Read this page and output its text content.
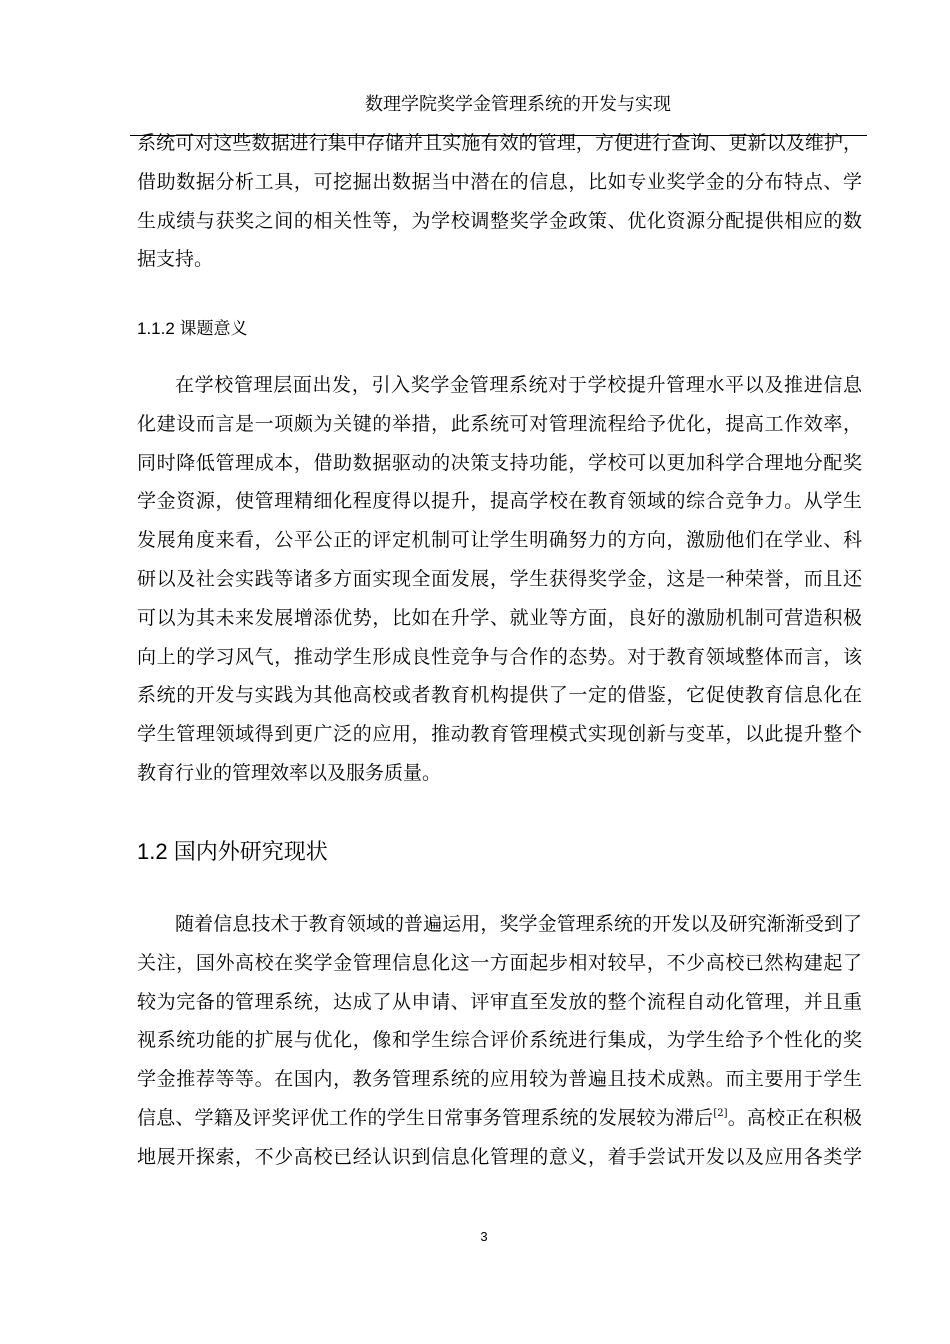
数理学院奖学金管理系统的开发与实现
系统可对这些数据进行集中存储并且实施有效的管理，方便进行查询、更新以及维护，
借助数据分析工具，可挖掘出数据当中潜在的信息，比如专业奖学金的分布特点、学
生成绩与获奖之间的相关性等，为学校调整奖学金政策、优化资源分配提供相应的数
据支持。
1.1.2 课题意义
在学校管理层面出发，引入奖学金管理系统对于学校提升管理水平以及推进信息
化建设而言是一项颇为关键的举措，此系统可对管理流程给予优化，提高工作效率，
同时降低管理成本，借助数据驱动的决策支持功能，学校可以更加科学合理地分配奖
学金资源，使管理精细化程度得以提升，提高学校在教育领域的综合竞争力。从学生
发展角度来看，公平公正的评定机制可让学生明确努力的方向，激励他们在学业、科
研以及社会实践等诸多方面实现全面发展，学生获得奖学金，这是一种荣誉，而且还
可以为其未来发展增添优势，比如在升学、就业等方面，良好的激励机制可营造积极
向上的学习风气，推动学生形成良性竞争与合作的态势。对于教育领域整体而言，该
系统的开发与实践为其他高校或者教育机构提供了一定的借鉴，它促使教育信息化在
学生管理领域得到更广泛的应用，推动教育管理模式实现创新与变革，以此提升整个
教育行业的管理效率以及服务质量。
1.2 国内外研究现状
随着信息技术于教育领域的普遍运用，奖学金管理系统的开发以及研究渐渐受到了
关注，国外高校在奖学金管理信息化这一方面起步相对较早，不少高校已然构建起了
较为完备的管理系统，达成了从申请、评审直至发放的整个流程自动化管理，并且重
视系统功能的扩展与优化，像和学生综合评价系统进行集成，为学生给予个性化的奖
学金推荐等等。在国内，教务管理系统的应用较为普遍且技术成熟。而主要用于学生
信息、学籍及评奖评优工作的学生日常事务管理系统的发展较为滞后[2]。高校正在积极
地展开探索，不少高校已经认识到信息化管理的意义，着手尝试开发以及应用各类学
3
